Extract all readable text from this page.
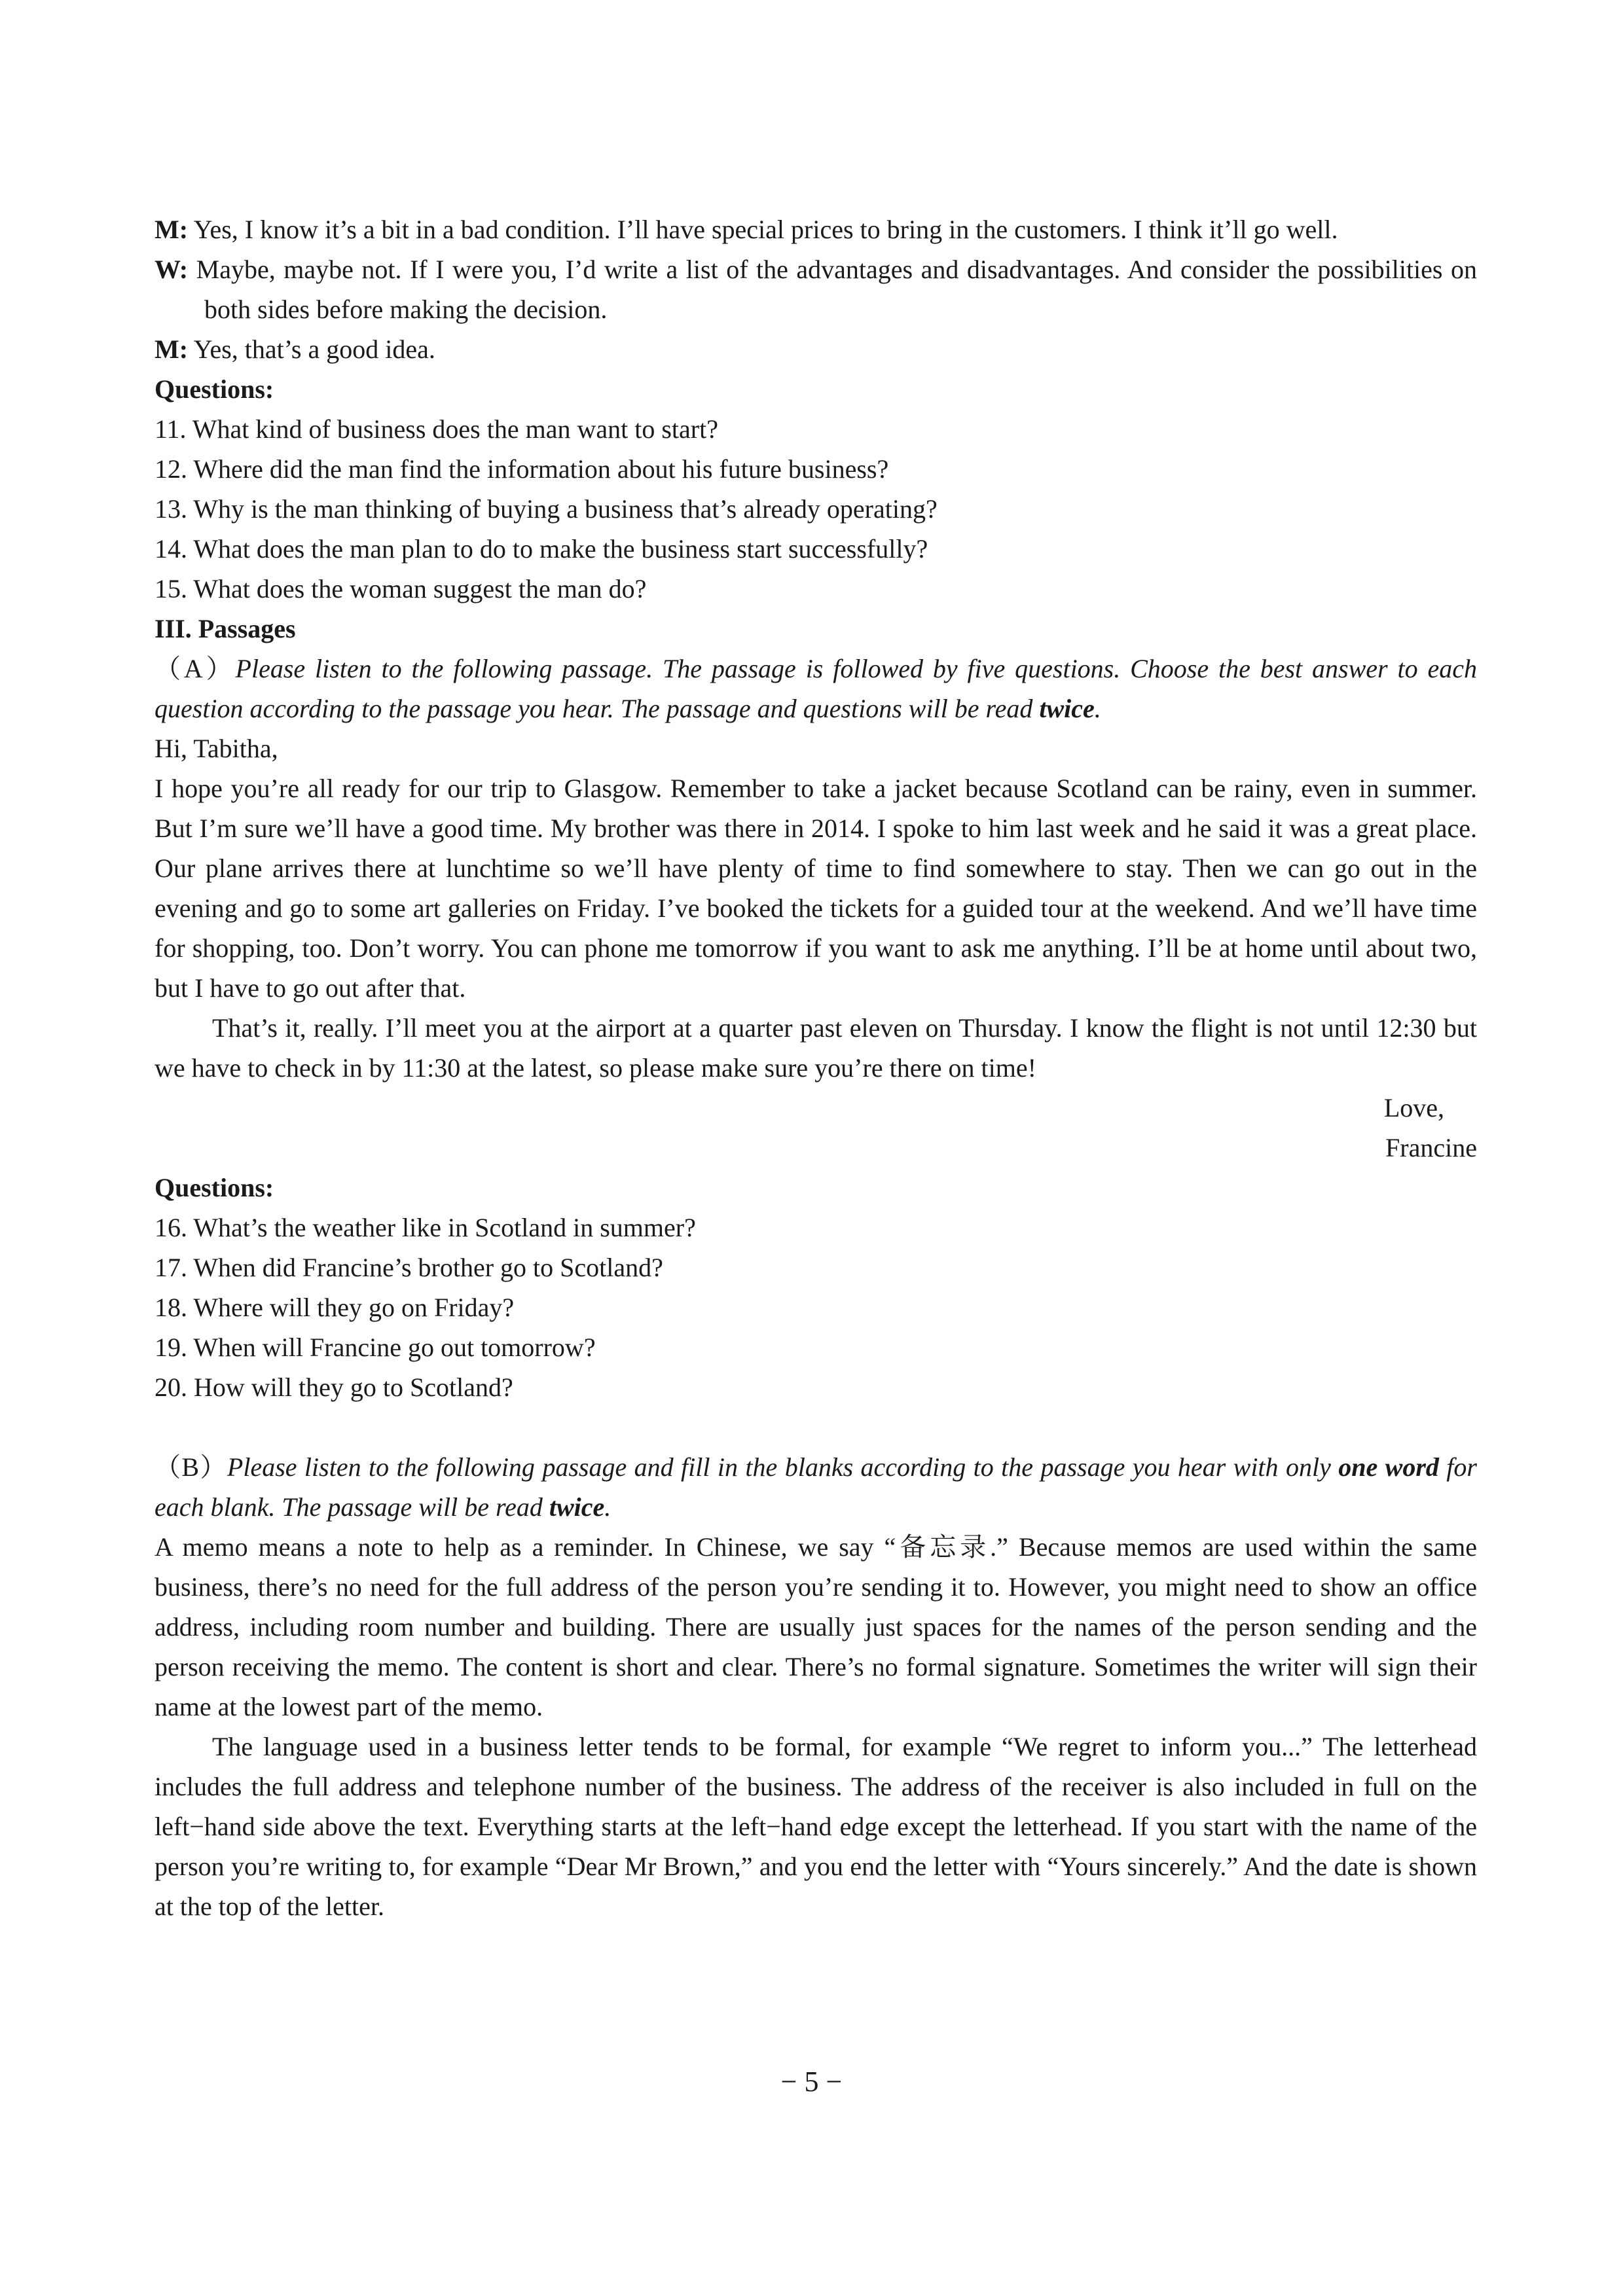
M: Yes, I know it’s a bit in a bad condition. I’ll have special prices to bring in the customers. I think it’ll go well.

W: Maybe, maybe not. If I were you, I’d write a list of the advantages and disadvantages. And consider the possibilities on both sides before making the decision.

M: Yes, that’s a good idea.

Questions:

11. What kind of business does the man want to start?

12. Where did the man find the information about his future business?

13. Why is the man thinking of buying a business that’s already operating?

14. What does the man plan to do to make the business start successfully?

15. What does the woman suggest the man do?

III. Passages

（A）Please listen to the following passage. The passage is followed by five questions. Choose the best answer to each question according to the passage you hear. The passage and questions will be read twice.

Hi, Tabitha,

I hope you’re all ready for our trip to Glasgow. Remember to take a jacket because Scotland can be rainy, even in summer. But I’m sure we’ll have a good time. My brother was there in 2014. I spoke to him last week and he said it was a great place. Our plane arrives there at lunchtime so we’ll have plenty of time to find somewhere to stay. Then we can go out in the evening and go to some art galleries on Friday. I’ve booked the tickets for a guided tour at the weekend. And we’ll have time for shopping, too. Don’t worry. You can phone me tomorrow if you want to ask me anything. I’ll be at home until about two, but I have to go out after that.

That’s it, really. I’ll meet you at the airport at a quarter past eleven on Thursday. I know the flight is not until 12:30 but we have to check in by 11:30 at the latest, so please make sure you’re there on time!

Love,

Francine

Questions:

16. What’s the weather like in Scotland in summer?

17. When did Francine’s brother go to Scotland?

18. Where will they go on Friday?

19. When will Francine go out tomorrow?

20. How will they go to Scotland?

（B）Please listen to the following passage and fill in the blanks according to the passage you hear with only one word for each blank. The passage will be read twice.

A memo means a note to help as a reminder. In Chinese, we say “备忘录.” Because memos are used within the same business, there’s no need for the full address of the person you’re sending it to. However, you might need to show an office address, including room number and building. There are usually just spaces for the names of the person sending and the person receiving the memo. The content is short and clear. There’s no formal signature. Sometimes the writer will sign their name at the lowest part of the memo.

The language used in a business letter tends to be formal, for example “We regret to inform you...” The letterhead includes the full address and telephone number of the business. The address of the receiver is also included in full on the left−hand side above the text. Everything starts at the left−hand edge except the letterhead. If you start with the name of the person you’re writing to, for example “Dear Mr Brown,” and you end the letter with “Yours sincerely.” And the date is shown at the top of the letter.

− 5 −
